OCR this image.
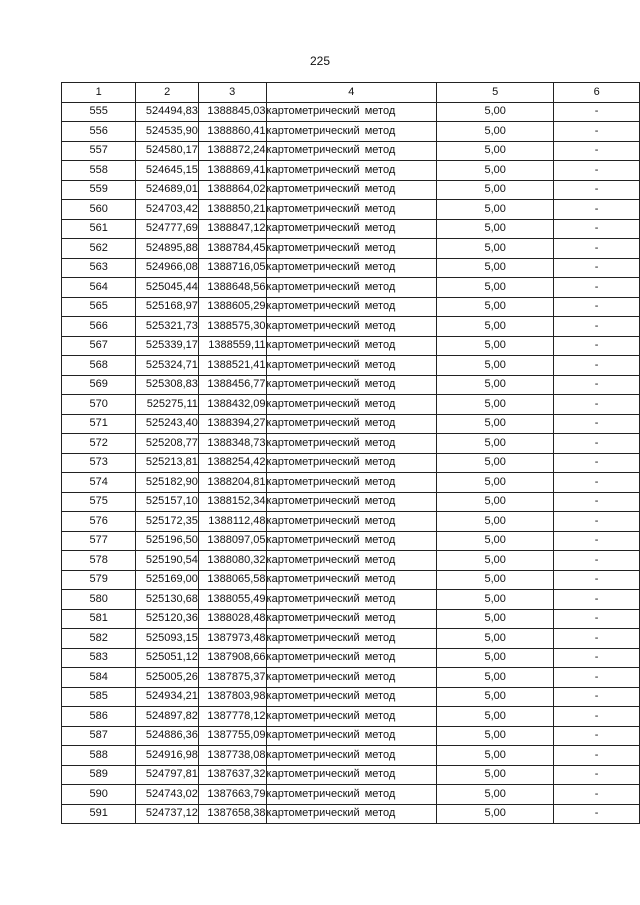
225
1	2	3	4	5	6
555	524494,83	1388845,03	картометрический метод	5,00	-
556	524535,90	1388860,41	картометрический метод	5,00	-
557	524580,17	1388872,24	картометрический метод	5,00	-
558	524645,15	1388869,41	картометрический метод	5,00	-
559	524689,01	1388864,02	картометрический метод	5,00	-
560	524703,42	1388850,21	картометрический метод	5,00	-
561	524777,69	1388847,12	картометрический метод	5,00	-
562	524895,88	1388784,45	картометрический метод	5,00	-
563	524966,08	1388716,05	картометрический метод	5,00	-
564	525045,44	1388648,56	картометрический метод	5,00	-
565	525168,97	1388605,29	картометрический метод	5,00	-
566	525321,73	1388575,30	картометрический метод	5,00	-
567	525339,17	1388559,11	картометрический метод	5,00	-
568	525324,71	1388521,41	картометрический метод	5,00	-
569	525308,83	1388456,77	картометрический метод	5,00	-
570	525275,11	1388432,09	картометрический метод	5,00	-
571	525243,40	1388394,27	картометрический метод	5,00	-
572	525208,77	1388348,73	картометрический метод	5,00	-
573	525213,81	1388254,42	картометрический метод	5,00	-
574	525182,90	1388204,81	картометрический метод	5,00	-
575	525157,10	1388152,34	картометрический метод	5,00	-
576	525172,35	1388112,48	картометрический метод	5,00	-
577	525196,50	1388097,05	картометрический метод	5,00	-
578	525190,54	1388080,32	картометрический метод	5,00	-
579	525169,00	1388065,58	картометрический метод	5,00	-
580	525130,68	1388055,49	картометрический метод	5,00	-
581	525120,36	1388028,48	картометрический метод	5,00	-
582	525093,15	1387973,48	картометрический метод	5,00	-
583	525051,12	1387908,66	картометрический метод	5,00	-
584	525005,26	1387875,37	картометрический метод	5,00	-
585	524934,21	1387803,98	картометрический метод	5,00	-
586	524897,82	1387778,12	картометрический метод	5,00	-
587	524886,36	1387755,09	картометрический метод	5,00	-
588	524916,98	1387738,08	картометрический метод	5,00	-
589	524797,81	1387637,32	картометрический метод	5,00	-
590	524743,02	1387663,79	картометрический метод	5,00	-
591	524737,12	1387658,38	картометрический метод	5,00	-
